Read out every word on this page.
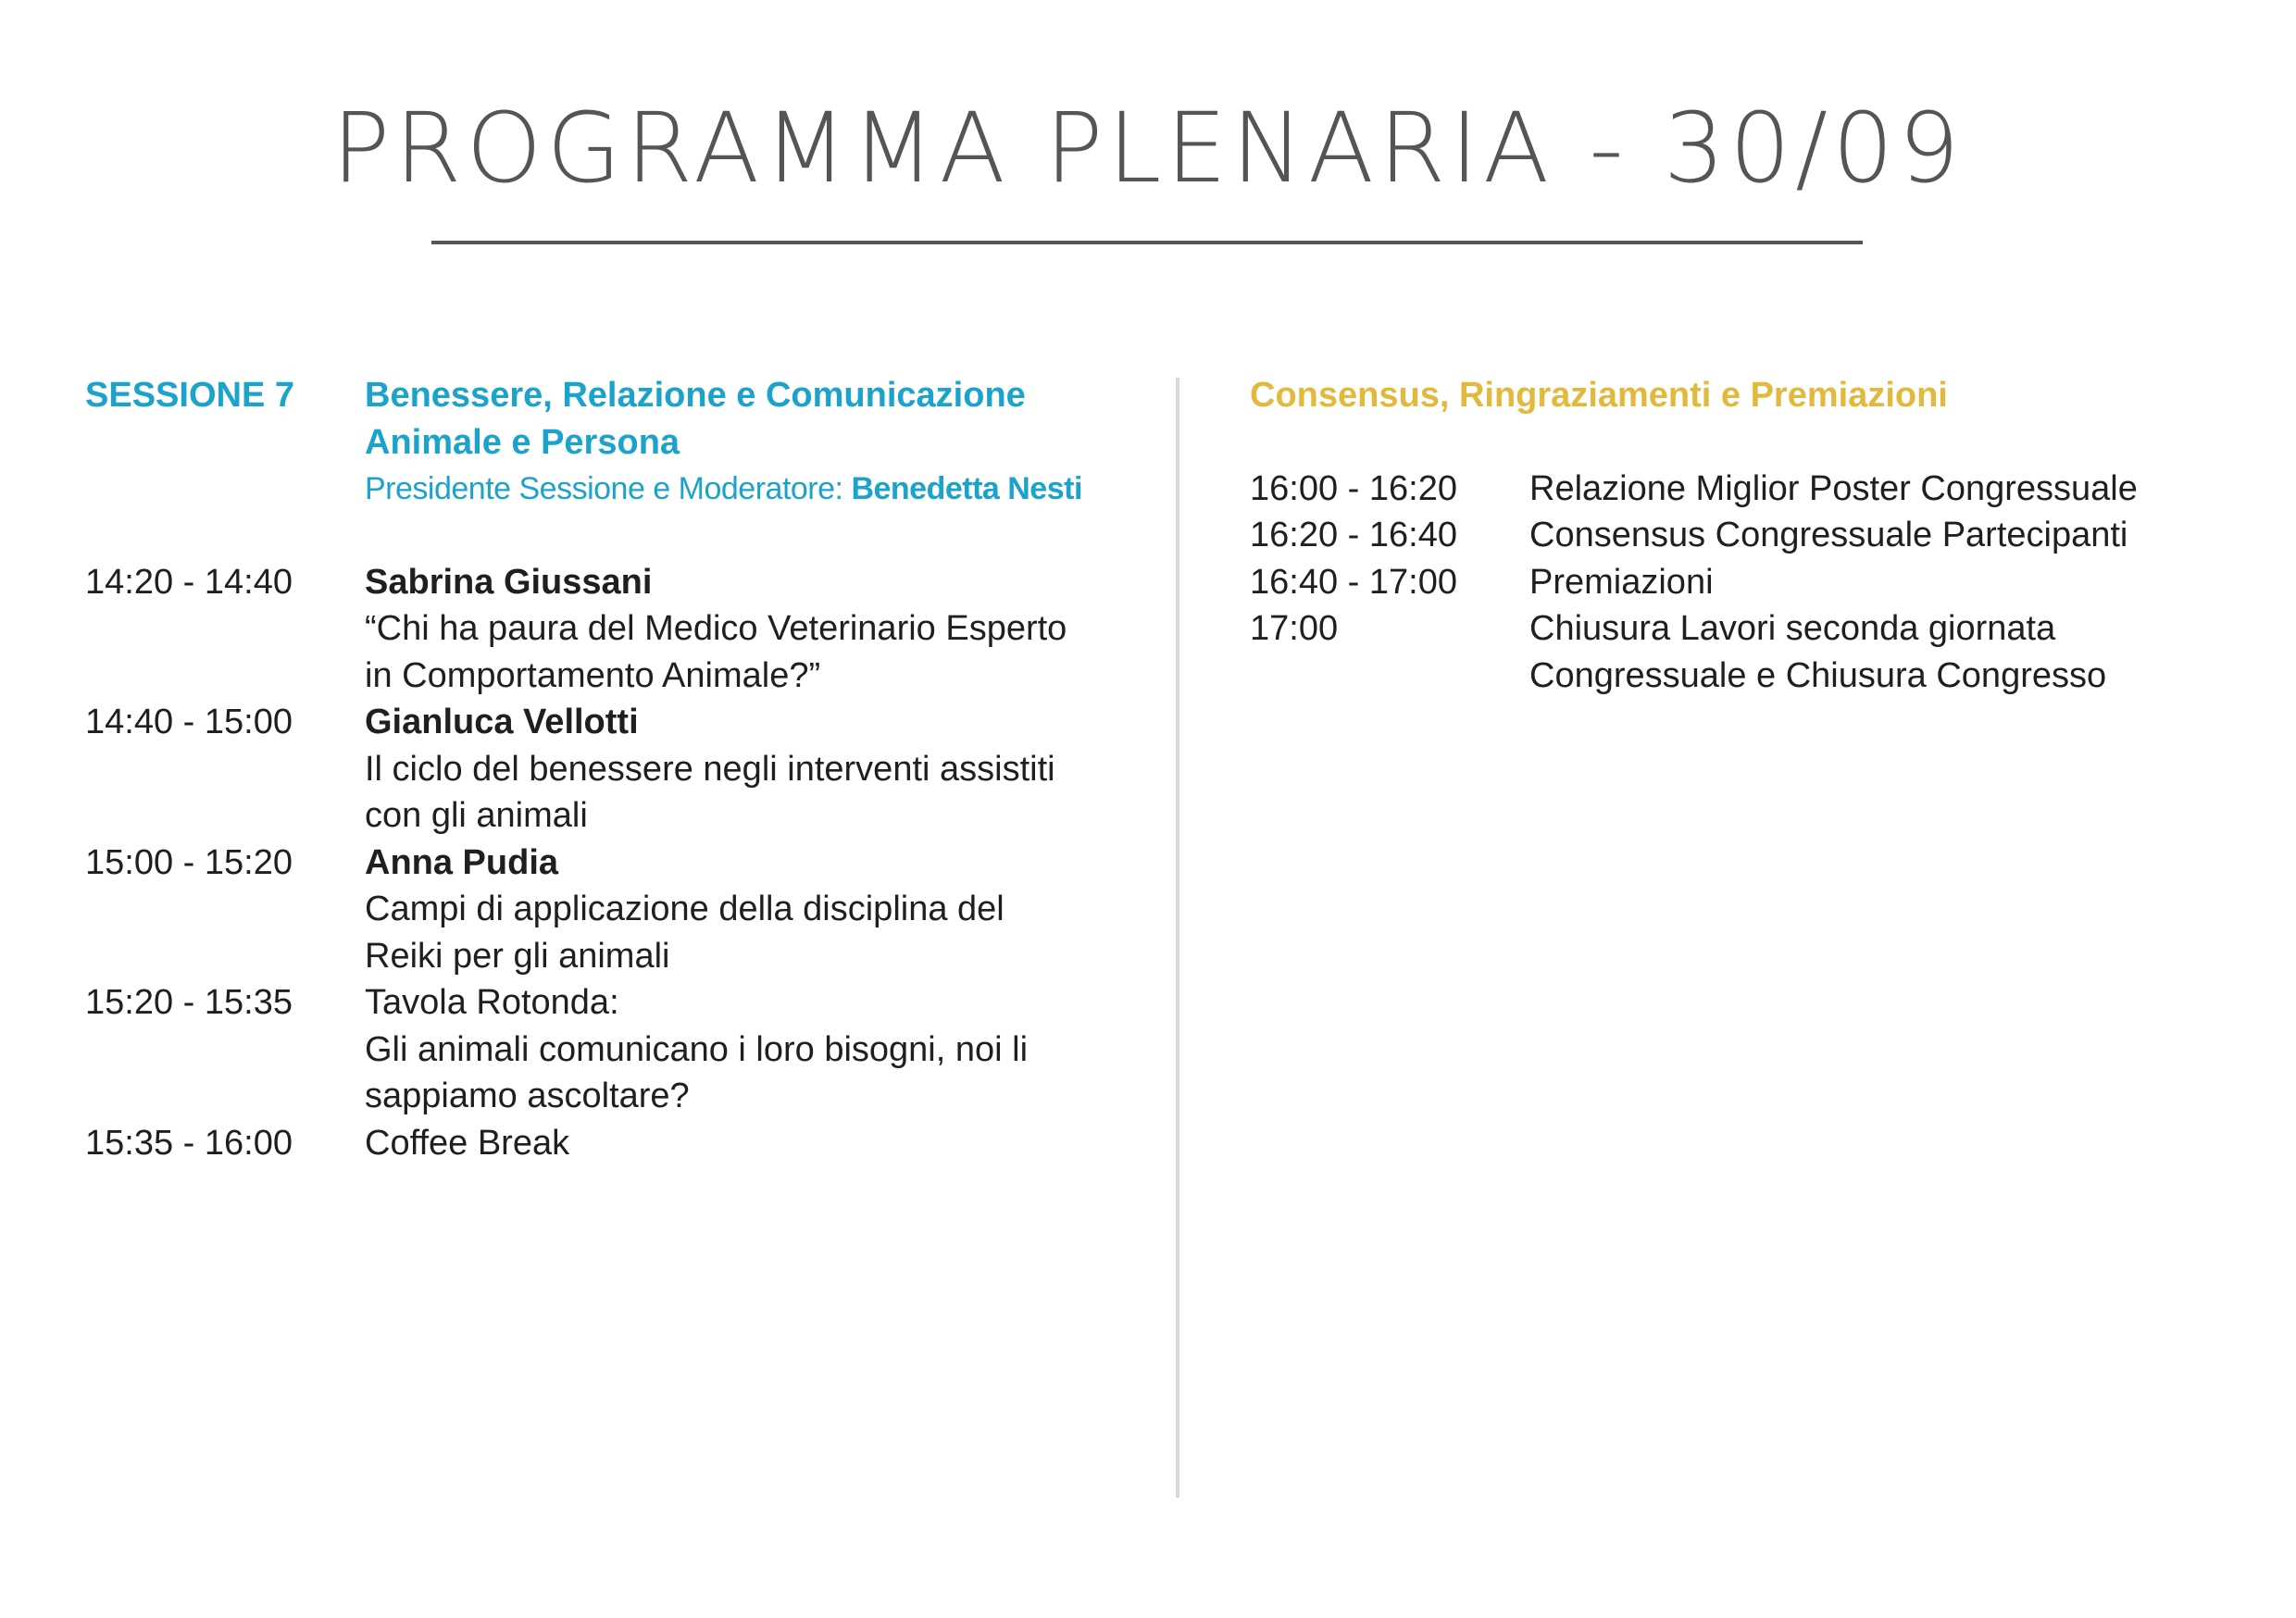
PROGRAMMA PLENARIA - 30/09
SESSIONE 7	Benessere, Relazione e Comunicazione
Animale e Persona
Presidente Sessione e Moderatore: Benedetta Nesti
14:20 - 14:40	Sabrina Giussani
“Chi ha paura del Medico Veterinario Esperto
in Comportamento Animale?”
14:40 - 15:00	Gianluca Vellotti
Il ciclo del benessere negli interventi assistiti
con gli animali
15:00 - 15:20	Anna Pudia
Campi di applicazione della disciplina del
Reiki per gli animali
15:20 - 15:35	Tavola Rotonda:
Gli animali comunicano i loro bisogni, noi li
sappiamo ascoltare?
15:35 - 16:00	Coffee Break
Consensus, Ringraziamenti e Premiazioni
16:00 - 16:20	Relazione Miglior Poster Congressuale
16:20 - 16:40	Consensus Congressuale Partecipanti
16:40 - 17:00	Premiazioni
17:00	Chiusura Lavori seconda giornata
Congressuale e Chiusura Congresso
